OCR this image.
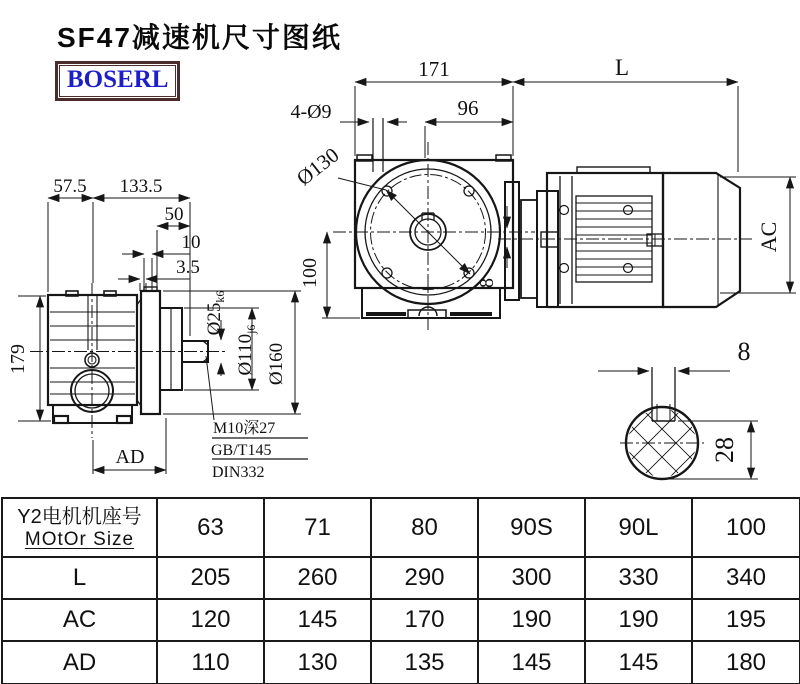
57.5 133.5
50
10
3.5
$Ø25_{k6}$
$Ø110_{j6}$
Ø160
179
AD
M10深27
GB/T145
DIN332
171	L
96
4-Ø9
Ø130
100	8
AC
8
28
SF47减速机尺寸图纸
BOSERL
Y2电机机座号
MOtOr Size	63	71	80	90S	90L	100
L	205	260	290	300	330	340
AC	120	145	170	190	190	195
AD	110	130	135	145	145	180
